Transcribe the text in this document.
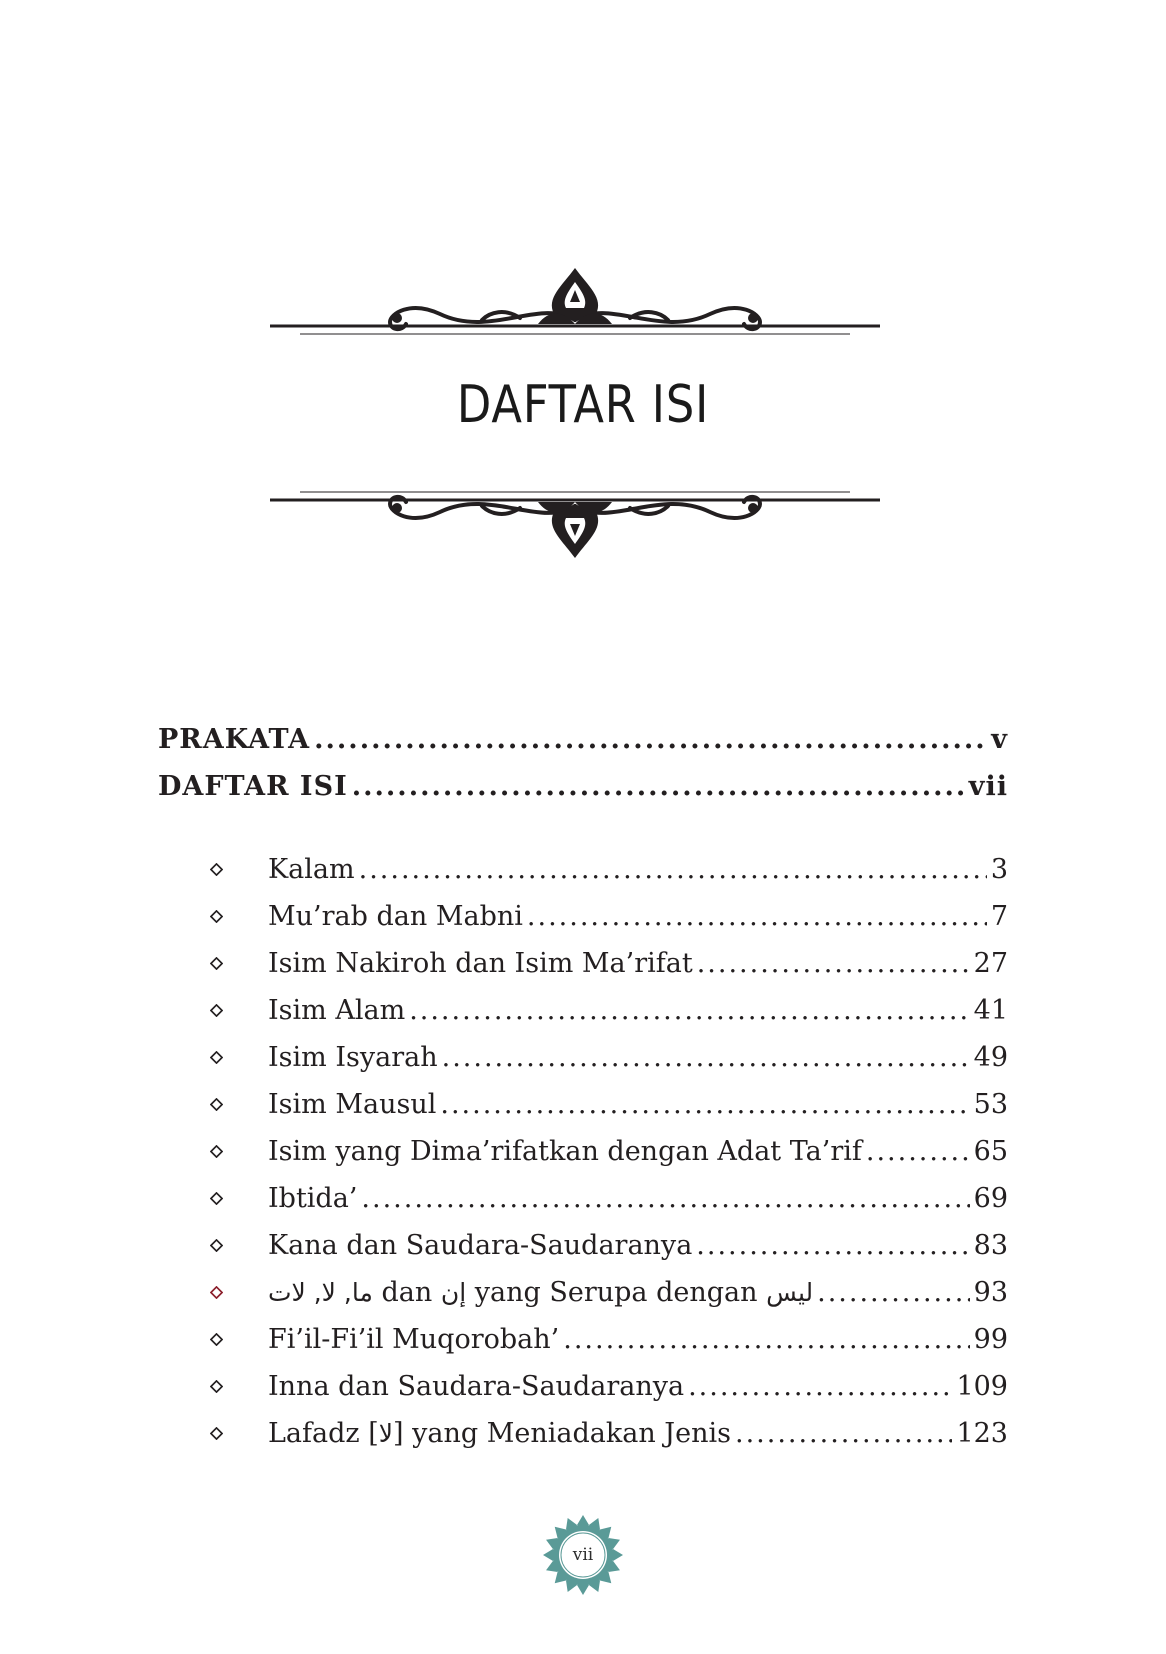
DAFTAR ISI
PRAKATA .....	v
DAFTAR ISI .....	vii
Kalam .....	3
Mu’rab dan Mabni .....	7
Isim Nakiroh dan Isim Ma’rifat .....	27
Isim Alam .....	41
Isim Isyarah .....	49
Isim Mausul .....	53
Isim yang Dima’rifatkan dengan Adat Ta’rif .....	65
Ibtida’ .....	69
Kana dan Saudara-Saudaranya .....	83
ما, لا, لات dan إن yang Serupa dengan ليس .....	93
Fi’il-Fi’il Muqorobah’ .....	99
Inna dan Saudara-Saudaranya .....	109
Lafadz [لا] yang Meniadakan Jenis .....	123
vii
